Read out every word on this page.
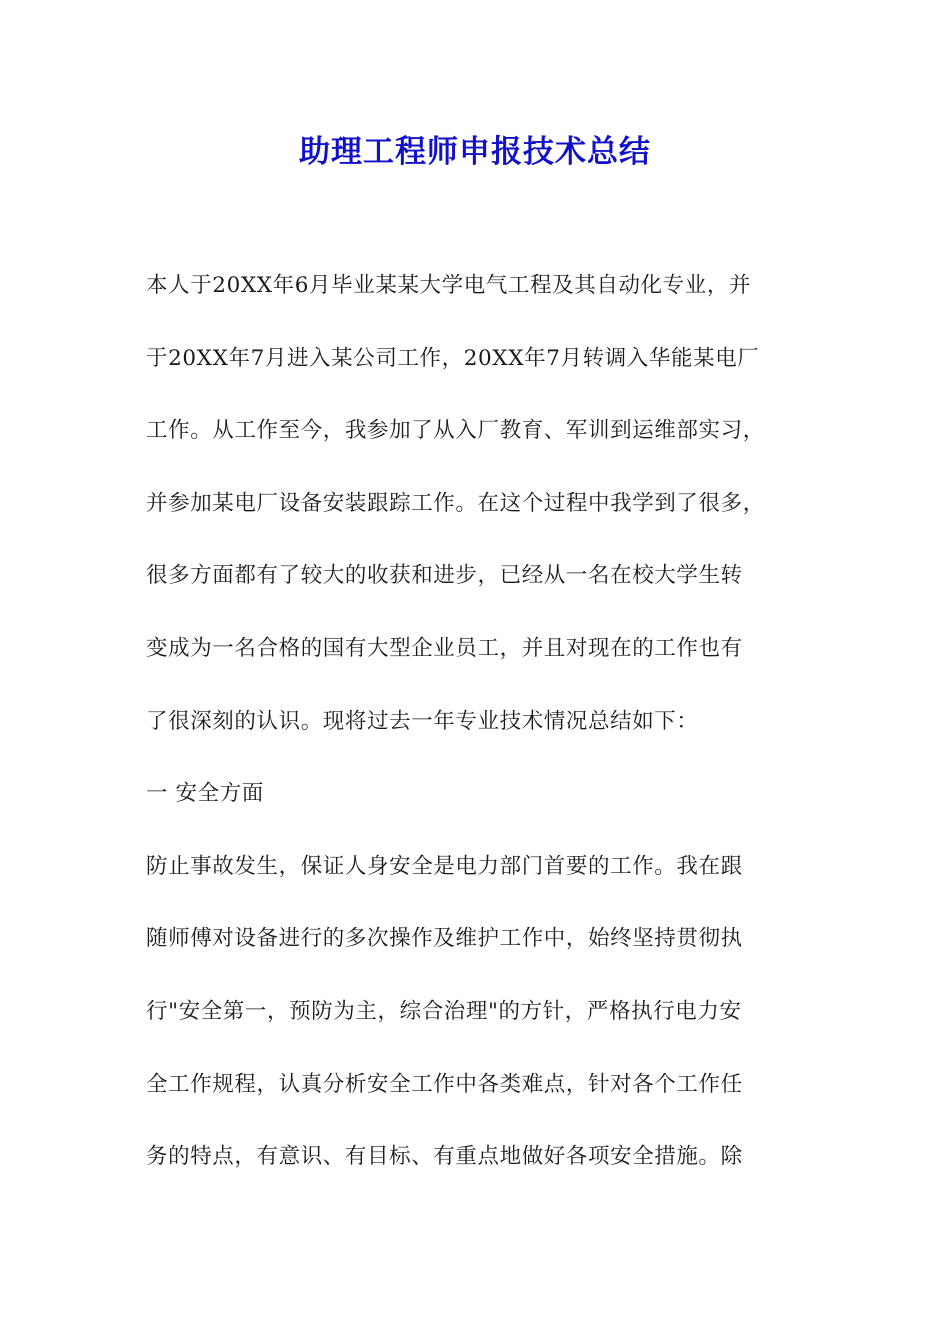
助理工程师申报技术总结
本人于20XX年6月毕业某某大学电气工程及其自动化专业，并
于20XX年7月进入某公司工作，20XX年7月转调入华能某电厂
工作。从工作至今，我参加了从入厂教育、军训到运维部实习，
并参加某电厂设备安装跟踪工作。在这个过程中我学到了很多，
很多方面都有了较大的收获和进步，已经从一名在校大学生转
变成为一名合格的国有大型企业员工，并且对现在的工作也有
了很深刻的认识。现将过去一年专业技术情况总结如下：
一 安全方面
防止事故发生，保证人身安全是电力部门首要的工作。我在跟
随师傅对设备进行的多次操作及维护工作中，始终坚持贯彻执
行"安全第一，预防为主，综合治理"的方针，严格执行电力安
全工作规程，认真分析安全工作中各类难点，针对各个工作任
务的特点，有意识、有目标、有重点地做好各项安全措施。除
